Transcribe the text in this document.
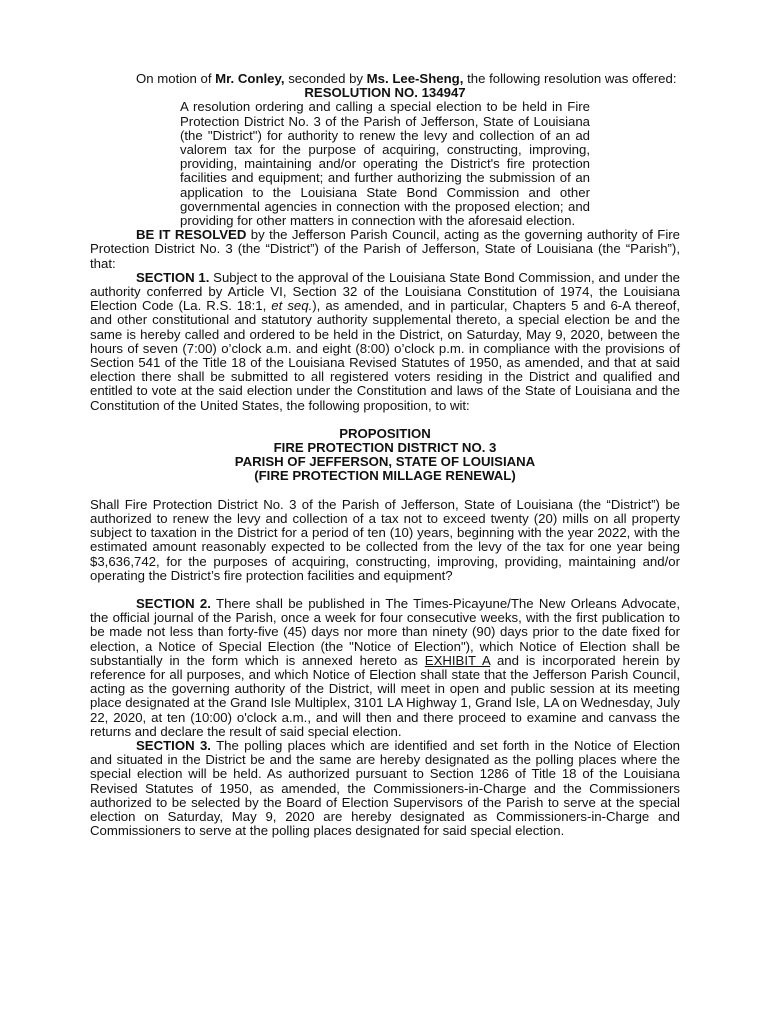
On motion of Mr. Conley, seconded by Ms. Lee-Sheng, the following resolution was offered:

RESOLUTION NO. 134947

A resolution ordering and calling a special election to be held in Fire Protection District No. 3 of the Parish of Jefferson, State of Louisiana (the "District") for authority to renew the levy and collection of an ad valorem tax for the purpose of acquiring, constructing, improving, providing, maintaining and/or operating the District's fire protection facilities and equipment; and further authorizing the submission of an application to the Louisiana State Bond Commission and other governmental agencies in connection with the proposed election; and providing for other matters in connection with the aforesaid election.

BE IT RESOLVED by the Jefferson Parish Council, acting as the governing authority of Fire Protection District No. 3 (the “District”) of the Parish of Jefferson, State of Louisiana (the “Parish”), that:

SECTION 1. Subject to the approval of the Louisiana State Bond Commission, and under the authority conferred by Article VI, Section 32 of the Louisiana Constitution of 1974, the Louisiana Election Code (La. R.S. 18:1, et seq.), as amended, and in particular, Chapters 5 and 6-A thereof, and other constitutional and statutory authority supplemental thereto, a special election be and the same is hereby called and ordered to be held in the District, on Saturday, May 9, 2020, between the hours of seven (7:00) o’clock a.m. and eight (8:00) o’clock p.m. in compliance with the provisions of Section 541 of the Title 18 of the Louisiana Revised Statutes of 1950, as amended, and that at said election there shall be submitted to all registered voters residing in the District and qualified and entitled to vote at the said election under the Constitution and laws of the State of Louisiana and the Constitution of the United States, the following proposition, to wit:

PROPOSITION

FIRE PROTECTION DISTRICT NO. 3

PARISH OF JEFFERSON, STATE OF LOUISIANA

(FIRE PROTECTION MILLAGE RENEWAL)

Shall Fire Protection District No. 3 of the Parish of Jefferson, State of Louisiana (the “District”) be authorized to renew the levy and collection of a tax not to exceed twenty (20) mills on all property subject to taxation in the District for a period of ten (10) years, beginning with the year 2022, with the estimated amount reasonably expected to be collected from the levy of the tax for one year being $3,636,742, for the purposes of acquiring, constructing, improving, providing, maintaining and/or operating the District’s fire protection facilities and equipment?

SECTION 2. There shall be published in The Times-Picayune/The New Orleans Advocate, the official journal of the Parish, once a week for four consecutive weeks, with the first publication to be made not less than forty-five (45) days nor more than ninety (90) days prior to the date fixed for election, a Notice of Special Election (the "Notice of Election"), which Notice of Election shall be substantially in the form which is annexed hereto as EXHIBIT A and is incorporated herein by reference for all purposes, and which Notice of Election shall state that the Jefferson Parish Council, acting as the governing authority of the District, will meet in open and public session at its meeting place designated at the Grand Isle Multiplex, 3101 LA Highway 1, Grand Isle, LA on Wednesday, July 22, 2020, at ten (10:00) o'clock a.m., and will then and there proceed to examine and canvass the returns and declare the result of said special election.

SECTION 3. The polling places which are identified and set forth in the Notice of Election and situated in the District be and the same are hereby designated as the polling places where the special election will be held. As authorized pursuant to Section 1286 of Title 18 of the Louisiana Revised Statutes of 1950, as amended, the Commissioners-in-Charge and the Commissioners authorized to be selected by the Board of Election Supervisors of the Parish to serve at the special election on Saturday, May 9, 2020 are hereby designated as Commissioners-in-Charge and Commissioners to serve at the polling places designated for said special election.
